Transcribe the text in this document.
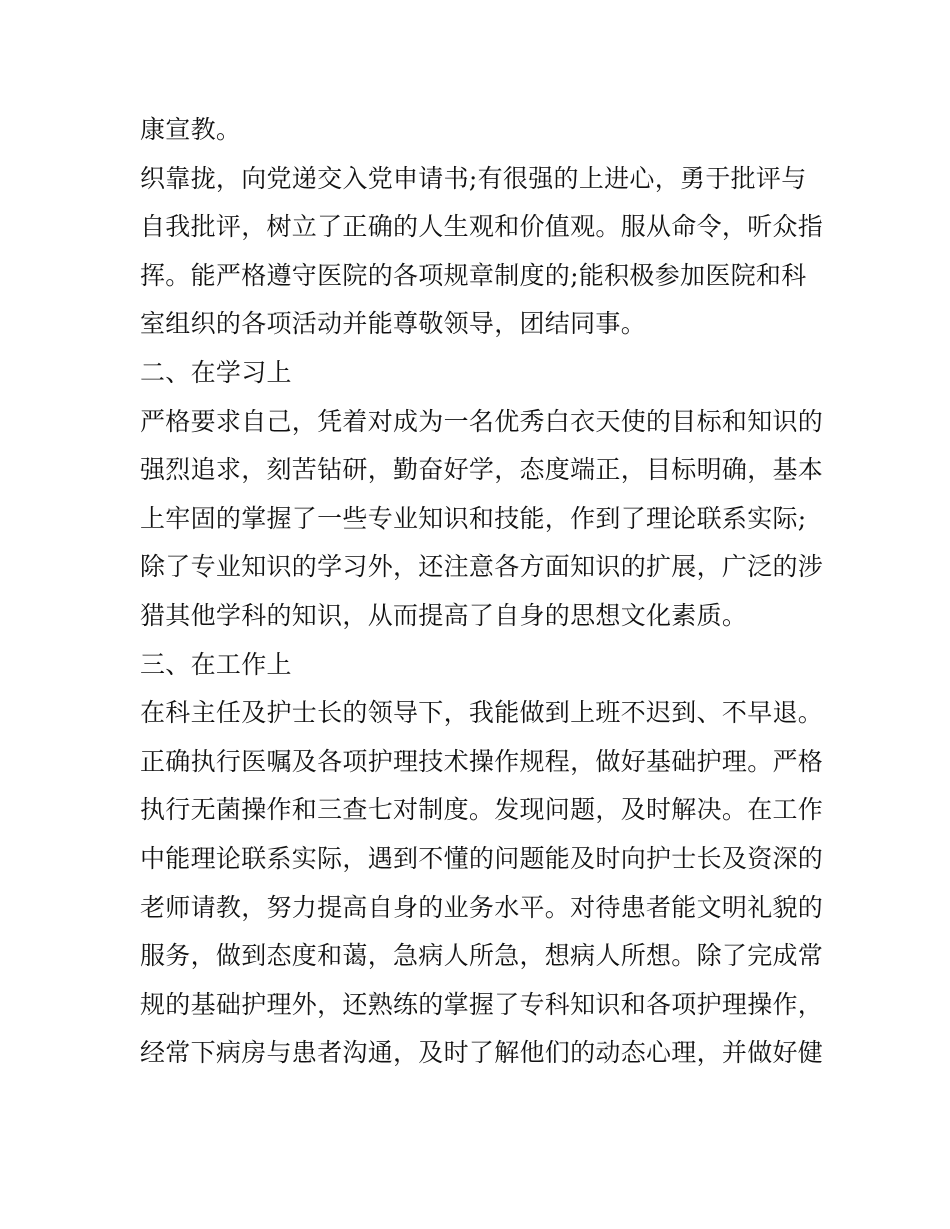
康宣教。
织靠拢，向党递交入党申请书;有很强的上进心，勇于批评与
自我批评，树立了正确的人生观和价值观。服从命令，听众指
挥。能严格遵守医院的各项规章制度的;能积极参加医院和科
室组织的各项活动并能尊敬领导，团结同事。
二、在学习上
严格要求自己，凭着对成为一名优秀白衣天使的目标和知识的
强烈追求，刻苦钻研，勤奋好学，态度端正，目标明确，基本
上牢固的掌握了一些专业知识和技能，作到了理论联系实际;
除了专业知识的学习外，还注意各方面知识的扩展，广泛的涉
猎其他学科的知识，从而提高了自身的思想文化素质。
三、在工作上
在科主任及护士长的领导下，我能做到上班不迟到、不早退。
正确执行医嘱及各项护理技术操作规程，做好基础护理。严格
执行无菌操作和三查七对制度。发现问题，及时解决。在工作
中能理论联系实际，遇到不懂的问题能及时向护士长及资深的
老师请教，努力提高自身的业务水平。对待患者能文明礼貌的
服务，做到态度和蔼，急病人所急，想病人所想。除了完成常
规的基础护理外，还熟练的掌握了专科知识和各项护理操作，
经常下病房与患者沟通，及时了解他们的动态心理，并做好健
